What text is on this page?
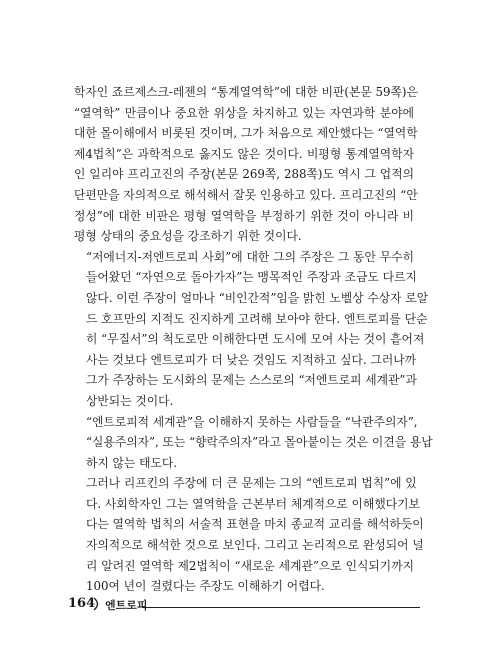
학자인 죠르제스크-레젠의 “통계열역학”에 대한 비판(본문 59쪽)은
“열역학” 만큼이나 중요한 위상을 차지하고 있는 자연과학 분야에
대한 몰이해에서 비롯된 것이며, 그가 처음으로 제안했다는 “열역학
제4법칙”은 과학적으로 옳지도 않은 것이다. 비평형 통계열역학자
인 일리야 프리고진의 주장(본문 269쪽, 288쪽)도 역시 그 업적의
단편만을 자의적으로 해석해서 잘못 인용하고 있다. 프리고진의 “안
정성”에 대한 비판은 평형 열역학을 부정하기 위한 것이 아니라 비
평형 상태의 중요성을 강조하기 위한 것이다.

“저에너지-저엔트로피 사회”에 대한 그의 주장은 그 동안 무수히
들어왔던 “자연으로 돌아가자”는 맹목적인 주장과 조금도 다르지
않다. 이런 주장이 얼마나 “비인간적”임을 밝힌 노벨상 수상자 로알
드 호프만의 지적도 진지하게 고려해 보아야 한다. 엔트로피를 단순
히 “무질서”의 척도로만 이해한다면 도시에 모여 사는 것이 흩어져
사는 것보다 엔트로피가 더 낮은 것임도 지적하고 싶다. 그러나까
그가 주장하는 도시화의 문제는 스스로의 “저엔트로피 세계관”과
상반되는 것이다.

“엔트로피적 세계관”을 이해하지 못하는 사람들을 “낙관주의자”,
“실용주의자”, 또는 “향락주의자”라고 몰아붙이는 것은 이견을 용납
하지 않는 태도다.

그러나 리프킨의 주장에 더 큰 문제는 그의 “엔트로피 법칙”에 있
다. 사회학자인 그는 열역학을 근본부터 체계적으로 이해했다기보
다는 열역학 법칙의 서술적 표현을 마치 종교적 교리를 해석하듯이
자의적으로 해석한 것으로 보인다. 그리고 논리적으로 완성되어 널
리 알려진 열역학 제2법칙이 “새로운 세계관”으로 인식되기까지
100여 년이 걸렸다는 주장도 이해하기 어렵다.

164 엔트로피
